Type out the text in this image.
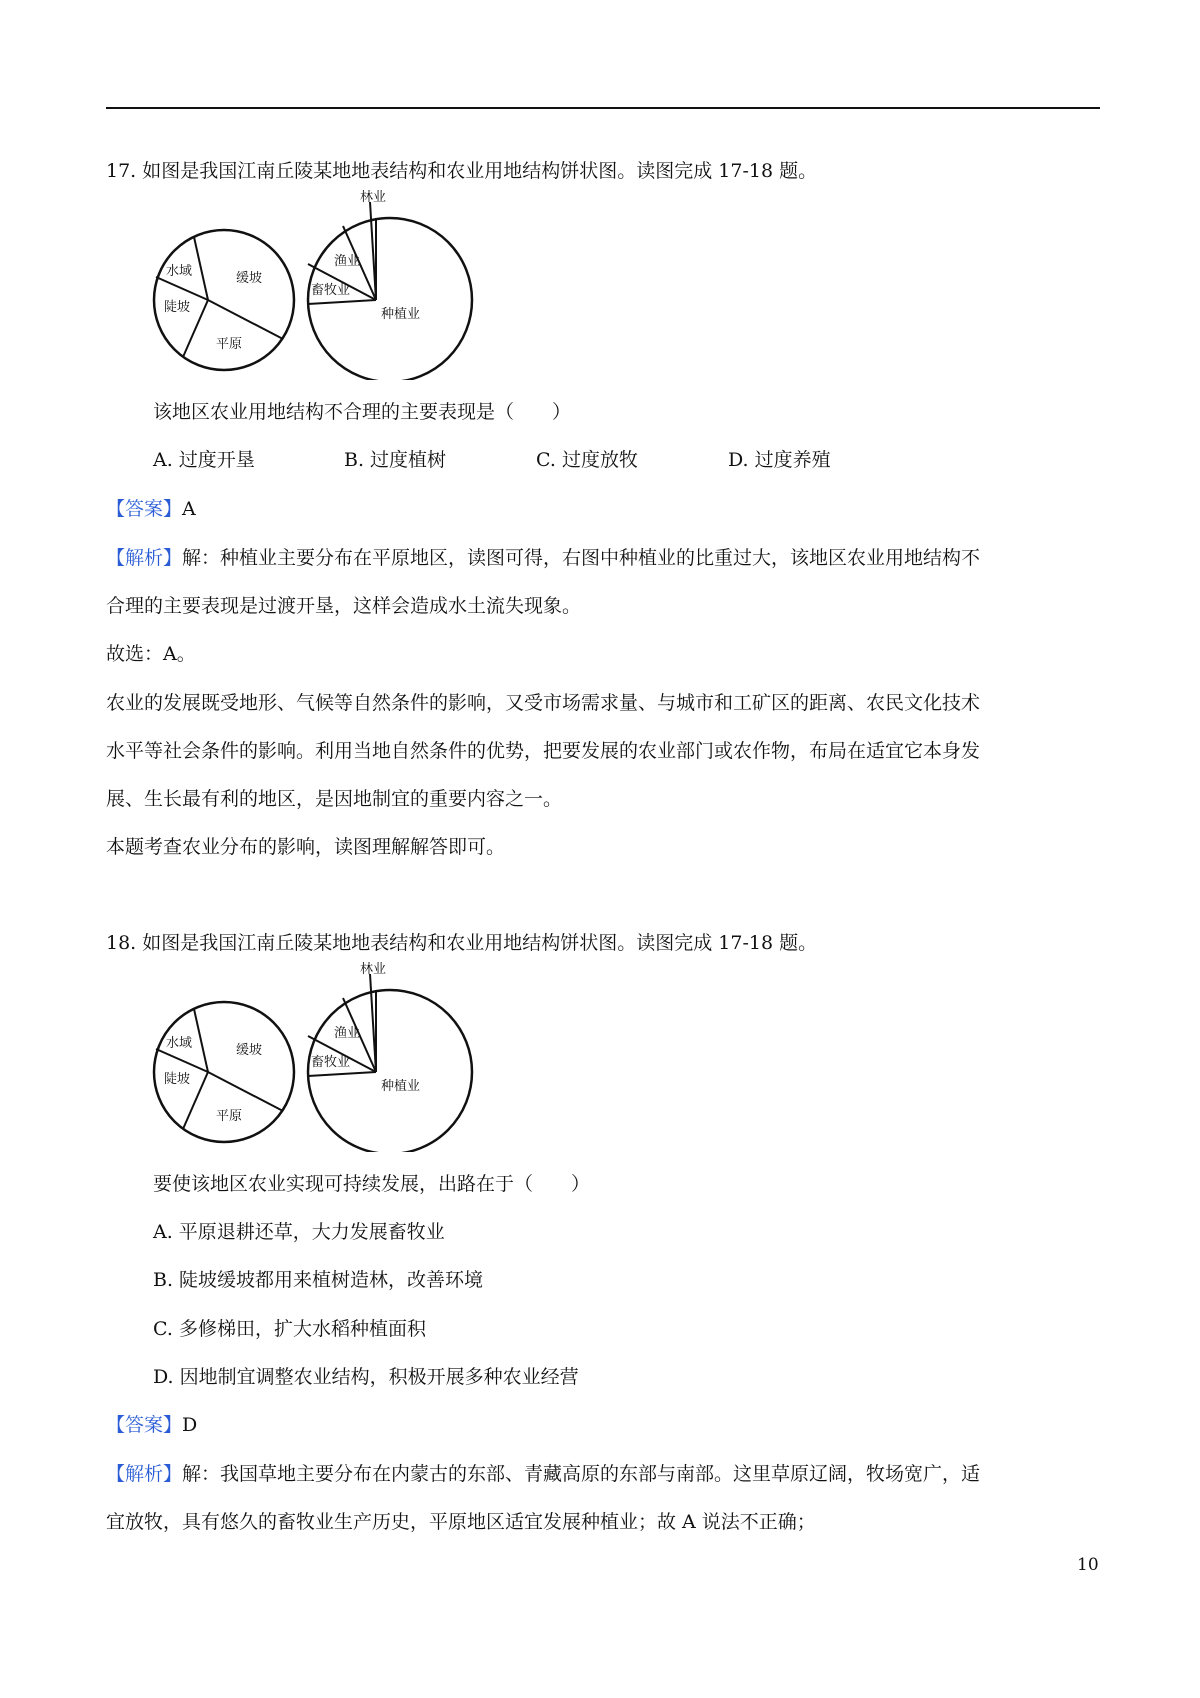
17. 如图是我国江南丘陵某地地表结构和农业用地结构饼状图。读图完成 17-18 题。
水域	缓坡
陡坡
平原
林业
渔业
畜牧业
种植业
该地区农业用地结构不合理的主要表现是（　　）
A. 过度开垦	B. 过度植树	C. 过度放牧	D. 过度养殖
【答案】A
【解析】解：种植业主要分布在平原地区，读图可得，右图中种植业的比重过大，该地区农业用地结构不
合理的主要表现是过渡开垦，这样会造成水土流失现象。
故选：A。
农业的发展既受地形、气候等自然条件的影响，又受市场需求量、与城市和工矿区的距离、农民文化技术
水平等社会条件的影响。利用当地自然条件的优势，把要发展的农业部门或农作物，布局在适宜它本身发
展、生长最有利的地区，是因地制宜的重要内容之一。
本题考查农业分布的影响，读图理解解答即可。
18. 如图是我国江南丘陵某地地表结构和农业用地结构饼状图。读图完成 17-18 题。
水域	缓坡
陡坡
平原
林业
渔业
畜牧业
种植业
要使该地区农业实现可持续发展，出路在于（　　）
A. 平原退耕还草，大力发展畜牧业
B. 陡坡缓坡都用来植树造林，改善环境
C. 多修梯田，扩大水稻种植面积
D. 因地制宜调整农业结构，积极开展多种农业经营
【答案】D
【解析】解：我国草地主要分布在内蒙古的东部、青藏高原的东部与南部。这里草原辽阔，牧场宽广，适
宜放牧，具有悠久的畜牧业生产历史，平原地区适宜发展种植业；故 A 说法不正确；
10
